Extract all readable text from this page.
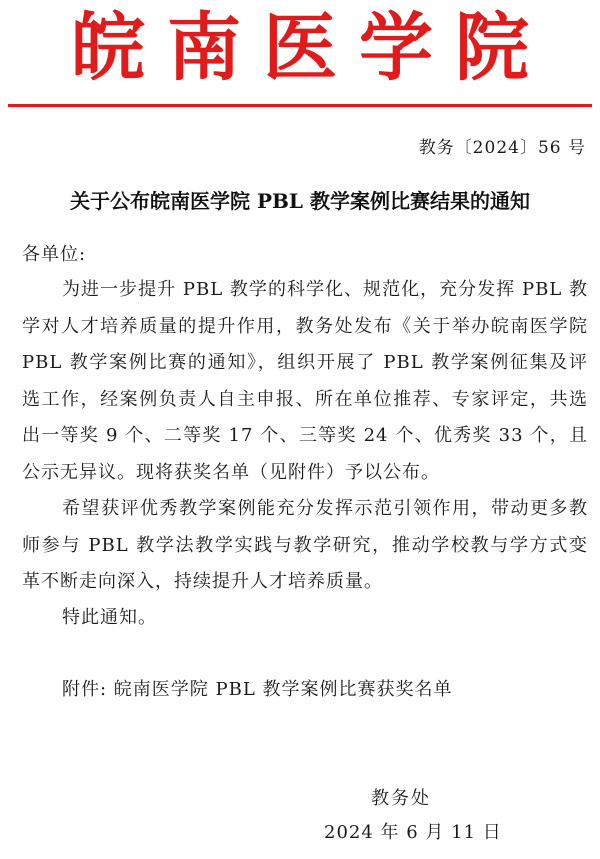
皖南医学院
教务〔2024〕56 号
关于公布皖南医学院 PBL 教学案例比赛结果的通知
各单位:

为进一步提升 PBL 教学的科学化、规范化，充分发挥 PBL 教学对人才培养质量的提升作用，教务处发布《关于举办皖南医学院 PBL 教学案例比赛的通知》，组织开展了 PBL 教学案例征集及评选工作，经案例负责人自主申报、所在单位推荐、专家评定，共选出一等奖 9 个、二等奖 17 个、三等奖 24 个、优秀奖 33 个，且公示无异议。现将获奖名单（见附件）予以公布。

希望获评优秀教学案例能充分发挥示范引领作用，带动更多教师参与 PBL 教学法教学实践与教学研究，推动学校教与学方式变革不断走向深入，持续提升人才培养质量。

特此通知。

附件: 皖南医学院 PBL 教学案例比赛获奖名单
教务处
2024 年 6 月 11 日
